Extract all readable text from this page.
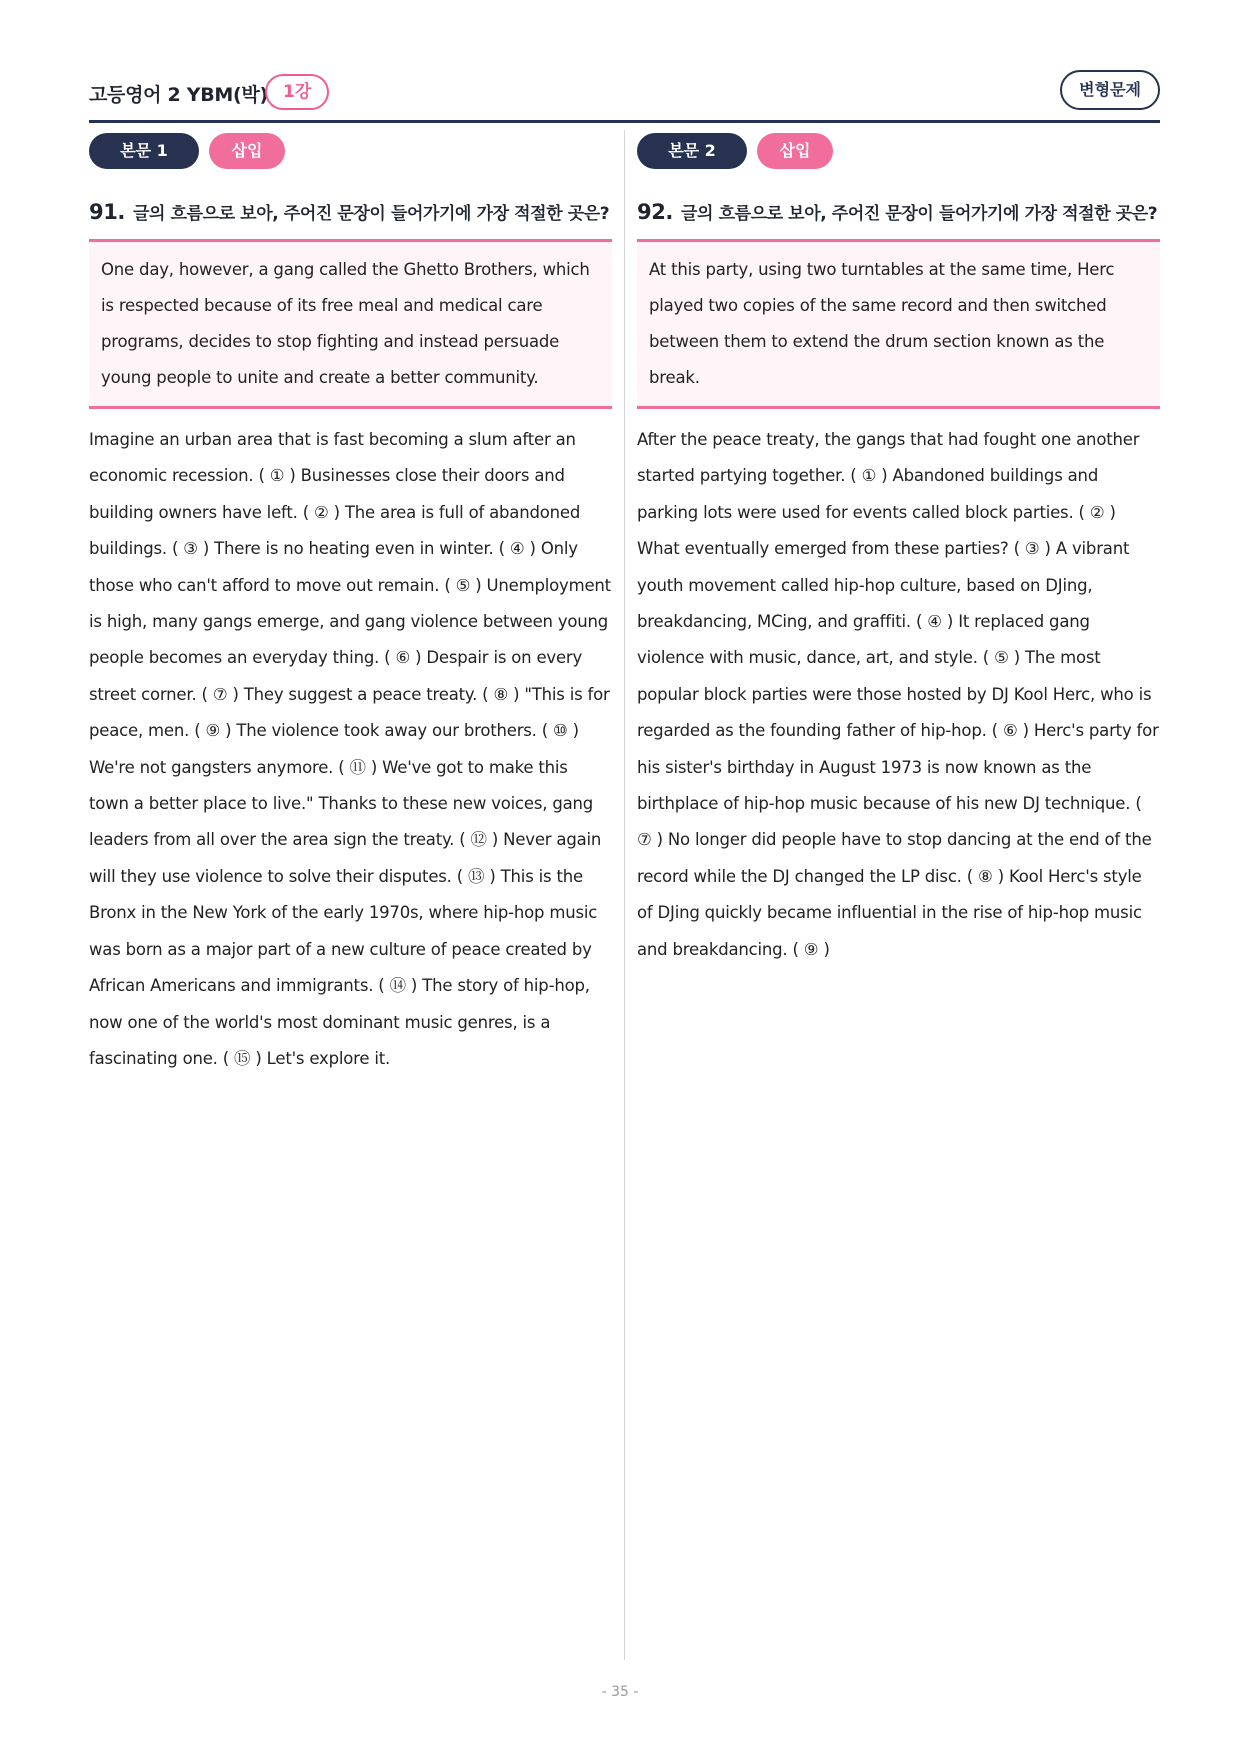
고등영어 2 YBM(박) 1강	변형문제
본문 1	삽입
91. 글의 흐름으로 보아, 주어진 문장이 들어가기에 가장 적절한 곳은?
One day, however, a gang called the Ghetto Brothers, which is respected because of its free meal and medical care programs, decides to stop fighting and instead persuade young people to unite and create a better community.
Imagine an urban area that is fast becoming a slum after an economic recession. ( ① ) Businesses close their doors and building owners have left. ( ② ) The area is full of abandoned buildings. ( ③ ) There is no heating even in winter. ( ④ ) Only those who can't afford to move out remain. ( ⑤ ) Unemployment is high, many gangs emerge, and gang violence between young people becomes an everyday thing. ( ⑥ ) Despair is on every street corner. ( ⑦ ) They suggest a peace treaty. ( ⑧ ) "This is for peace, men. ( ⑨ ) The violence took away our brothers. ( ⑩ ) We're not gangsters anymore. ( ⑪ ) We've got to make this town a better place to live." Thanks to these new voices, gang leaders from all over the area sign the treaty. ( ⑫ ) Never again will they use violence to solve their disputes. ( ⑬ ) This is the Bronx in the New York of the early 1970s, where hip-hop music was born as a major part of a new culture of peace created by African Americans and immigrants. ( ⑭ ) The story of hip-hop, now one of the world's most dominant music genres, is a fascinating one. ( ⑮ ) Let's explore it.
본문 2	삽입
92. 글의 흐름으로 보아, 주어진 문장이 들어가기에 가장 적절한 곳은?
At this party, using two turntables at the same time, Herc played two copies of the same record and then switched between them to extend the drum section known as the break.
After the peace treaty, the gangs that had fought one another started partying together. ( ① ) Abandoned buildings and parking lots were used for events called block parties. ( ② ) What eventually emerged from these parties? ( ③ ) A vibrant youth movement called hip-hop culture, based on DJing, breakdancing, MCing, and graffiti. ( ④ ) It replaced gang violence with music, dance, art, and style. ( ⑤ ) The most popular block parties were those hosted by DJ Kool Herc, who is regarded as the founding father of hip-hop. ( ⑥ ) Herc's party for his sister's birthday in August 1973 is now known as the birthplace of hip-hop music because of his new DJ technique. ( ⑦ ) No longer did people have to stop dancing at the end of the record while the DJ changed the LP disc. ( ⑧ ) Kool Herc's style of DJing quickly became influential in the rise of hip-hop music and breakdancing. ( ⑨ )
- 35 -
